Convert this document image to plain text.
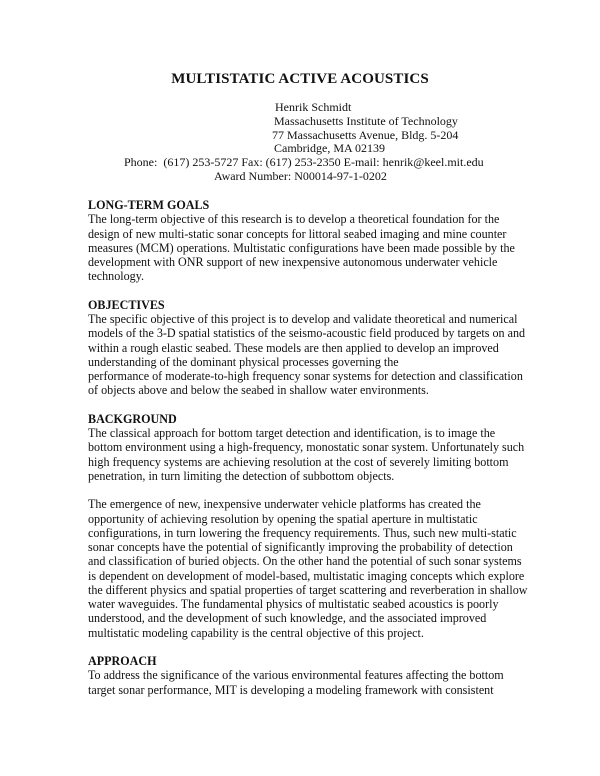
MULTISTATIC ACTIVE ACOUSTICS
Henrik Schmidt
Massachusetts Institute of Technology
77 Massachusetts Avenue, Bldg. 5-204
Cambridge, MA 02139
Phone:  (617) 253-5727 Fax: (617) 253-2350 E-mail: henrik@keel.mit.edu
Award Number: N00014-97-1-0202
LONG-TERM GOALS
The long-term objective of this research is to develop a theoretical foundation for the
design of new multi-static sonar concepts for littoral seabed imaging and mine counter
measures (MCM) operations. Multistatic configurations have been made possible by the
development with ONR support of new inexpensive autonomous underwater vehicle
technology.
OBJECTIVES
The specific objective of this project is to develop and validate theoretical and numerical
models of the 3-D spatial statistics of the seismo-acoustic field produced by targets on and
within a rough elastic seabed. These models are then applied to develop an improved
understanding of the dominant physical processes governing the
performance of moderate-to-high frequency sonar systems for detection and classification
of objects above and below the seabed in shallow water environments.
BACKGROUND
The classical approach for bottom target detection and identification, is to image the
bottom environment using a high-frequency, monostatic sonar system. Unfortunately such
high frequency systems are achieving resolution at the cost of severely limiting bottom
penetration, in turn limiting the detection of subbottom objects.
The emergence of new, inexpensive underwater vehicle platforms has created the
opportunity of achieving resolution by opening the spatial aperture in multistatic
configurations, in turn lowering the frequency requirements. Thus, such new multi-static
sonar concepts have the potential of significantly improving the probability of detection
and classification of buried objects. On the other hand the potential of such sonar systems
is dependent on development of model-based, multistatic imaging concepts which explore
the different physics and spatial properties of target scattering and reverberation in shallow
water waveguides. The fundamental physics of multistatic seabed acoustics is poorly
understood, and the development of such knowledge, and the associated improved
multistatic modeling capability is the central objective of this project.
APPROACH
To address the significance of the various environmental features affecting the bottom
target sonar performance, MIT is developing a modeling framework with consistent
